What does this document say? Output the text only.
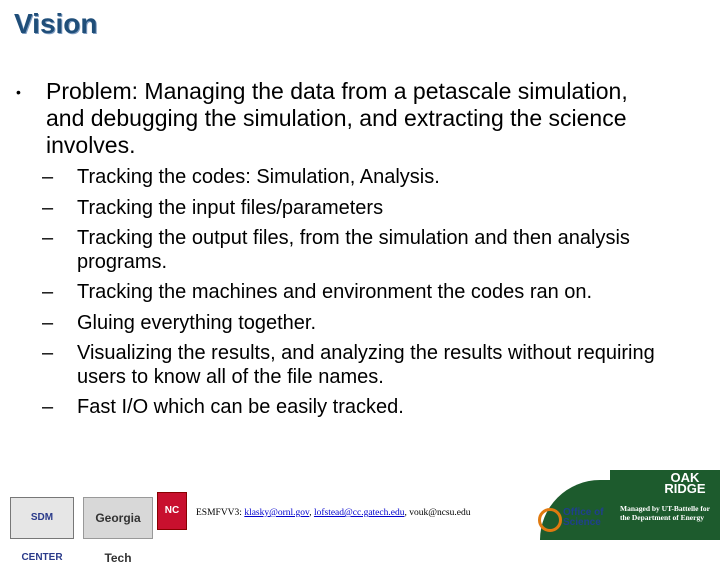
Vision
• Problem: Managing the data from a petascale simulation, and debugging the simulation, and extracting the science involves.
– Tracking the codes: Simulation, Analysis.
– Tracking the input files/parameters
– Tracking the output files, from the simulation and then analysis programs.
– Tracking the machines and environment the codes ran on.
– Gluing everything together.
– Visualizing the results, and analyzing the results without requiring users to know all of the file names.
– Fast I/O which can be easily tracked.
SDM CENTER
Georgia Tech
NC	ESMFVV3: klasky@ornl.gov, lofstead@cc.gatech.edu, vouk@ncsu.edu	Office of
Science
OAK
RIDGE
Managed by UT-Battelle for the Department of Energy
4
